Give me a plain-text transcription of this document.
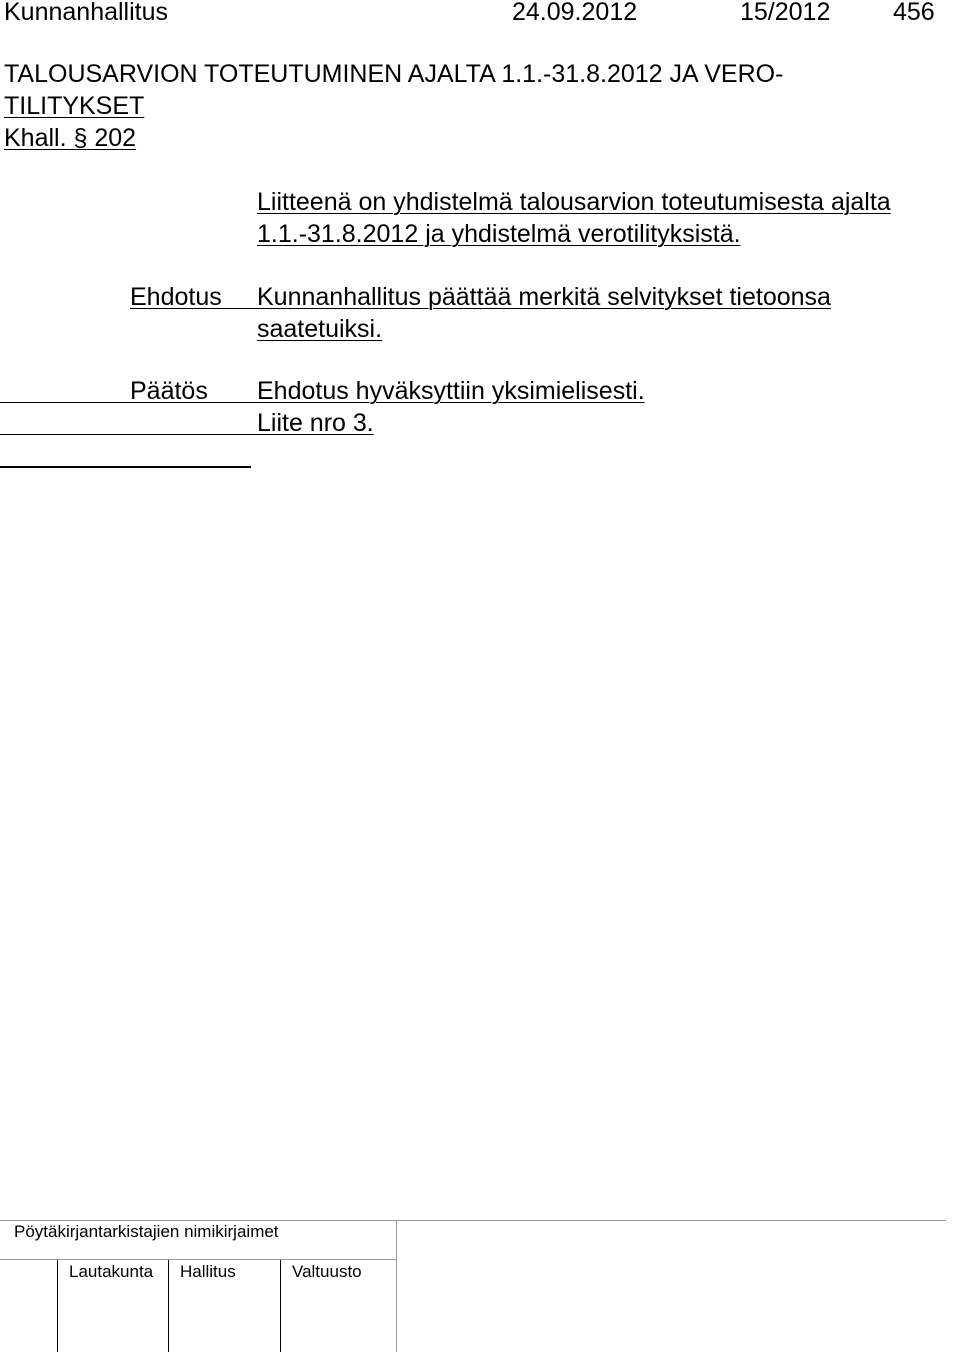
Kunnanhallitus	24.09.2012	15/2012	456
TALOUSARVION TOTEUTUMINEN AJALTA 1.1.-31.8.2012 JA VERO-
TILITYKSET
Khall. § 202
Liitteenä on yhdistelmä talousarvion toteutumisesta ajalta
1.1.-31.8.2012 ja yhdistelmä verotilityksistä.
Ehdotus Kunnanhallitus päättää merkitä selvitykset tietoonsa
saatetuiksi.
Päätös Ehdotus hyväksyttiin yksimielisesti.
Liite nro 3.
Pöytäkirjantarkistajien nimikirjaimet
Lautakunta Hallitus	Valtuusto
